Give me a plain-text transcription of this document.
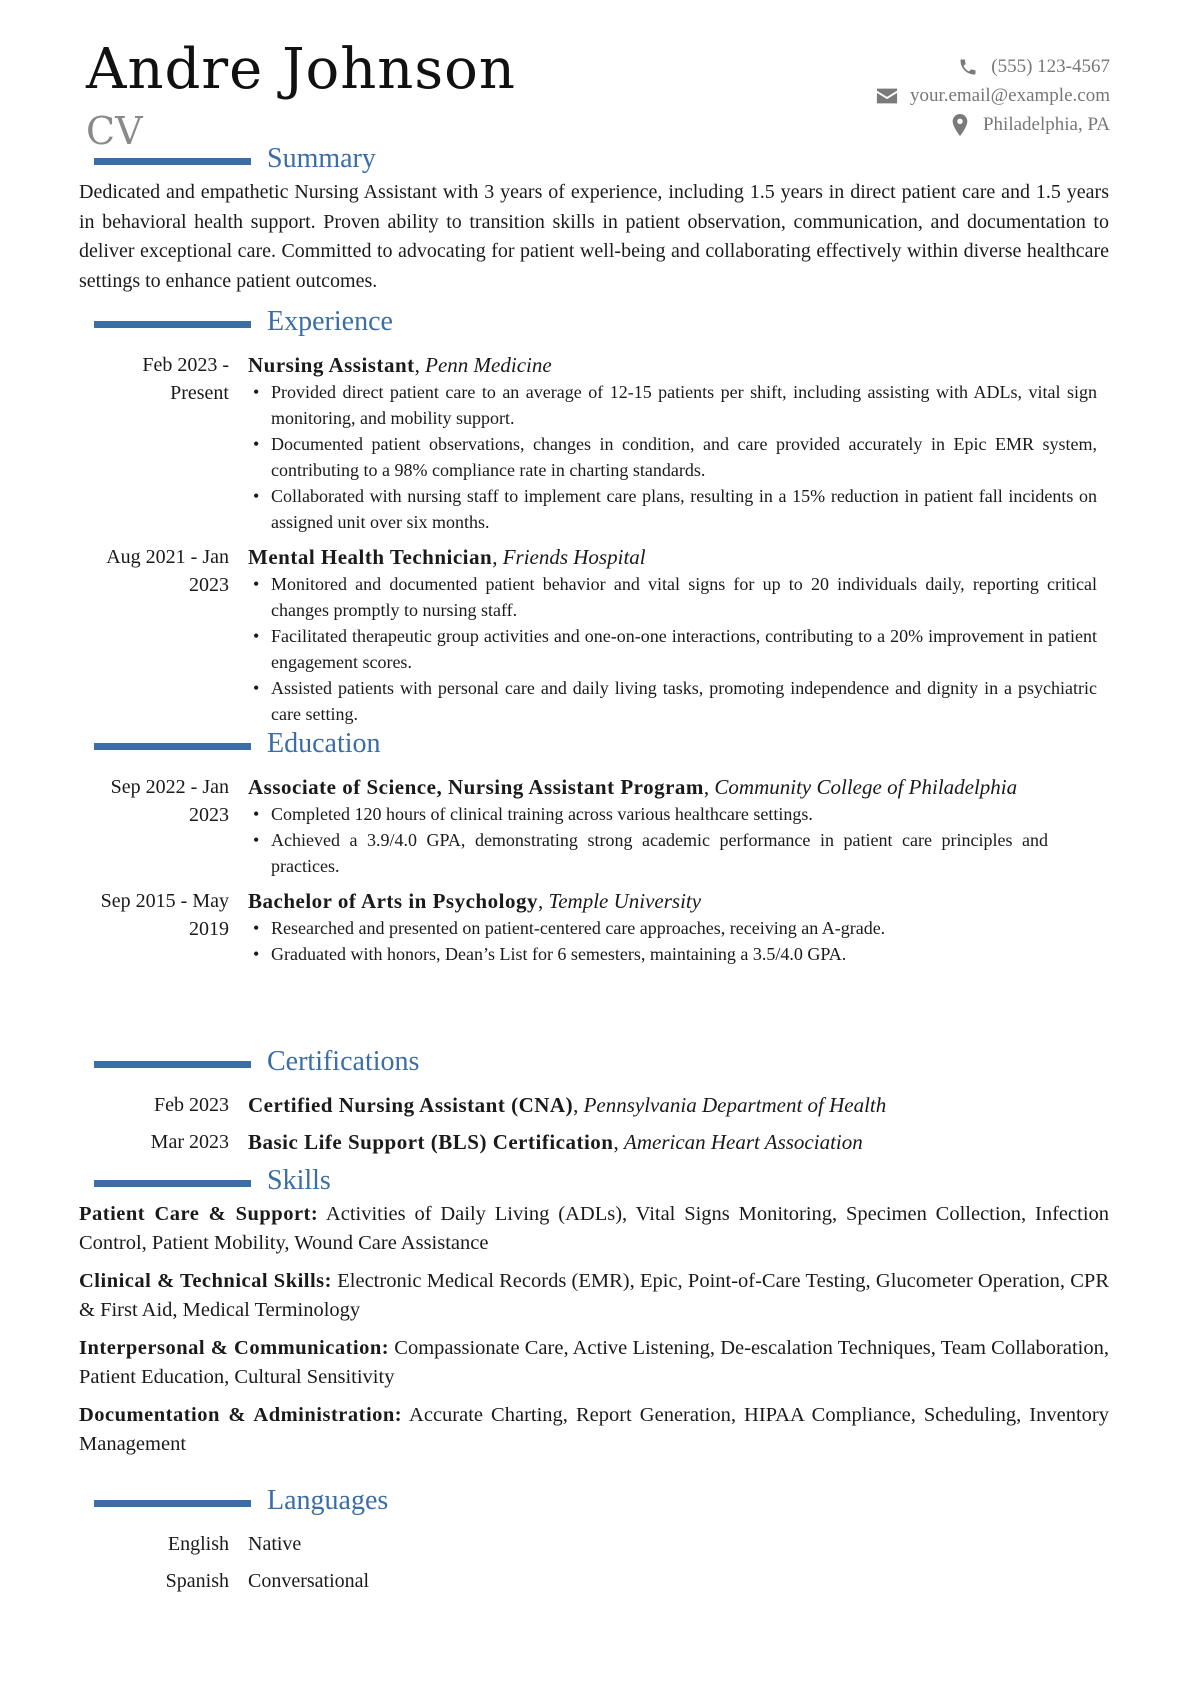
Andre Johnson
CV
(555) 123-4567
your.email@example.com
Philadelphia, PA
Summary

Dedicated and empathetic Nursing Assistant with 3 years of experience, including 1.5 years in direct patient care and 1.5 years in behavioral health support. Proven ability to transition skills in patient observation, communication, and documentation to deliver exceptional care. Committed to advocating for patient well-being and collaborating effectively within diverse healthcare settings to enhance patient outcomes.

Experience
Feb 2023 - Present
Nursing Assistant, Penn Medicine
• Provided direct patient care to an average of 12-15 patients per shift, including assisting with ADLs, vital sign monitoring, and mobility support.
• Documented patient observations, changes in condition, and care provided accurately in Epic EMR system, contributing to a 98% compliance rate in charting standards.
• Collaborated with nursing staff to implement care plans, resulting in a 15% reduction in patient fall incidents on assigned unit over six months.
Aug 2021 - Jan 2023
Mental Health Technician, Friends Hospital
• Monitored and documented patient behavior and vital signs for up to 20 individuals daily, reporting critical changes promptly to nursing staff.
• Facilitated therapeutic group activities and one-on-one interactions, contributing to a 20% improvement in patient engagement scores.
• Assisted patients with personal care and daily living tasks, promoting independence and dignity in a psychiatric care setting.
Education
Sep 2022 - Jan 2023
Associate of Science, Nursing Assistant Program, Community College of Philadelphia
• Completed 120 hours of clinical training across various healthcare settings.
• Achieved a 3.9/4.0 GPA, demonstrating strong academic performance in patient care principles and practices.
Sep 2015 - May 2019
Bachelor of Arts in Psychology, Temple University
• Researched and presented on patient-centered care approaches, receiving an A-grade.
• Graduated with honors, Dean’s List for 6 semesters, maintaining a 3.5/4.0 GPA.
Certifications
Feb 2023 Certified Nursing Assistant (CNA), Pennsylvania Department of Health
Mar 2023 Basic Life Support (BLS) Certification, American Heart Association
Skills

Patient Care & Support: Activities of Daily Living (ADLs), Vital Signs Monitoring, Specimen Collection, Infection Control, Patient Mobility, Wound Care Assistance

Clinical & Technical Skills: Electronic Medical Records (EMR), Epic, Point-of-Care Testing, Glucometer Operation, CPR & First Aid, Medical Terminology

Interpersonal & Communication: Compassionate Care, Active Listening, De-escalation Techniques, Team Collaboration, Patient Education, Cultural Sensitivity

Documentation & Administration: Accurate Charting, Report Generation, HIPAA Compliance, Scheduling, Inventory Management

Languages
English Native
Spanish Conversational
